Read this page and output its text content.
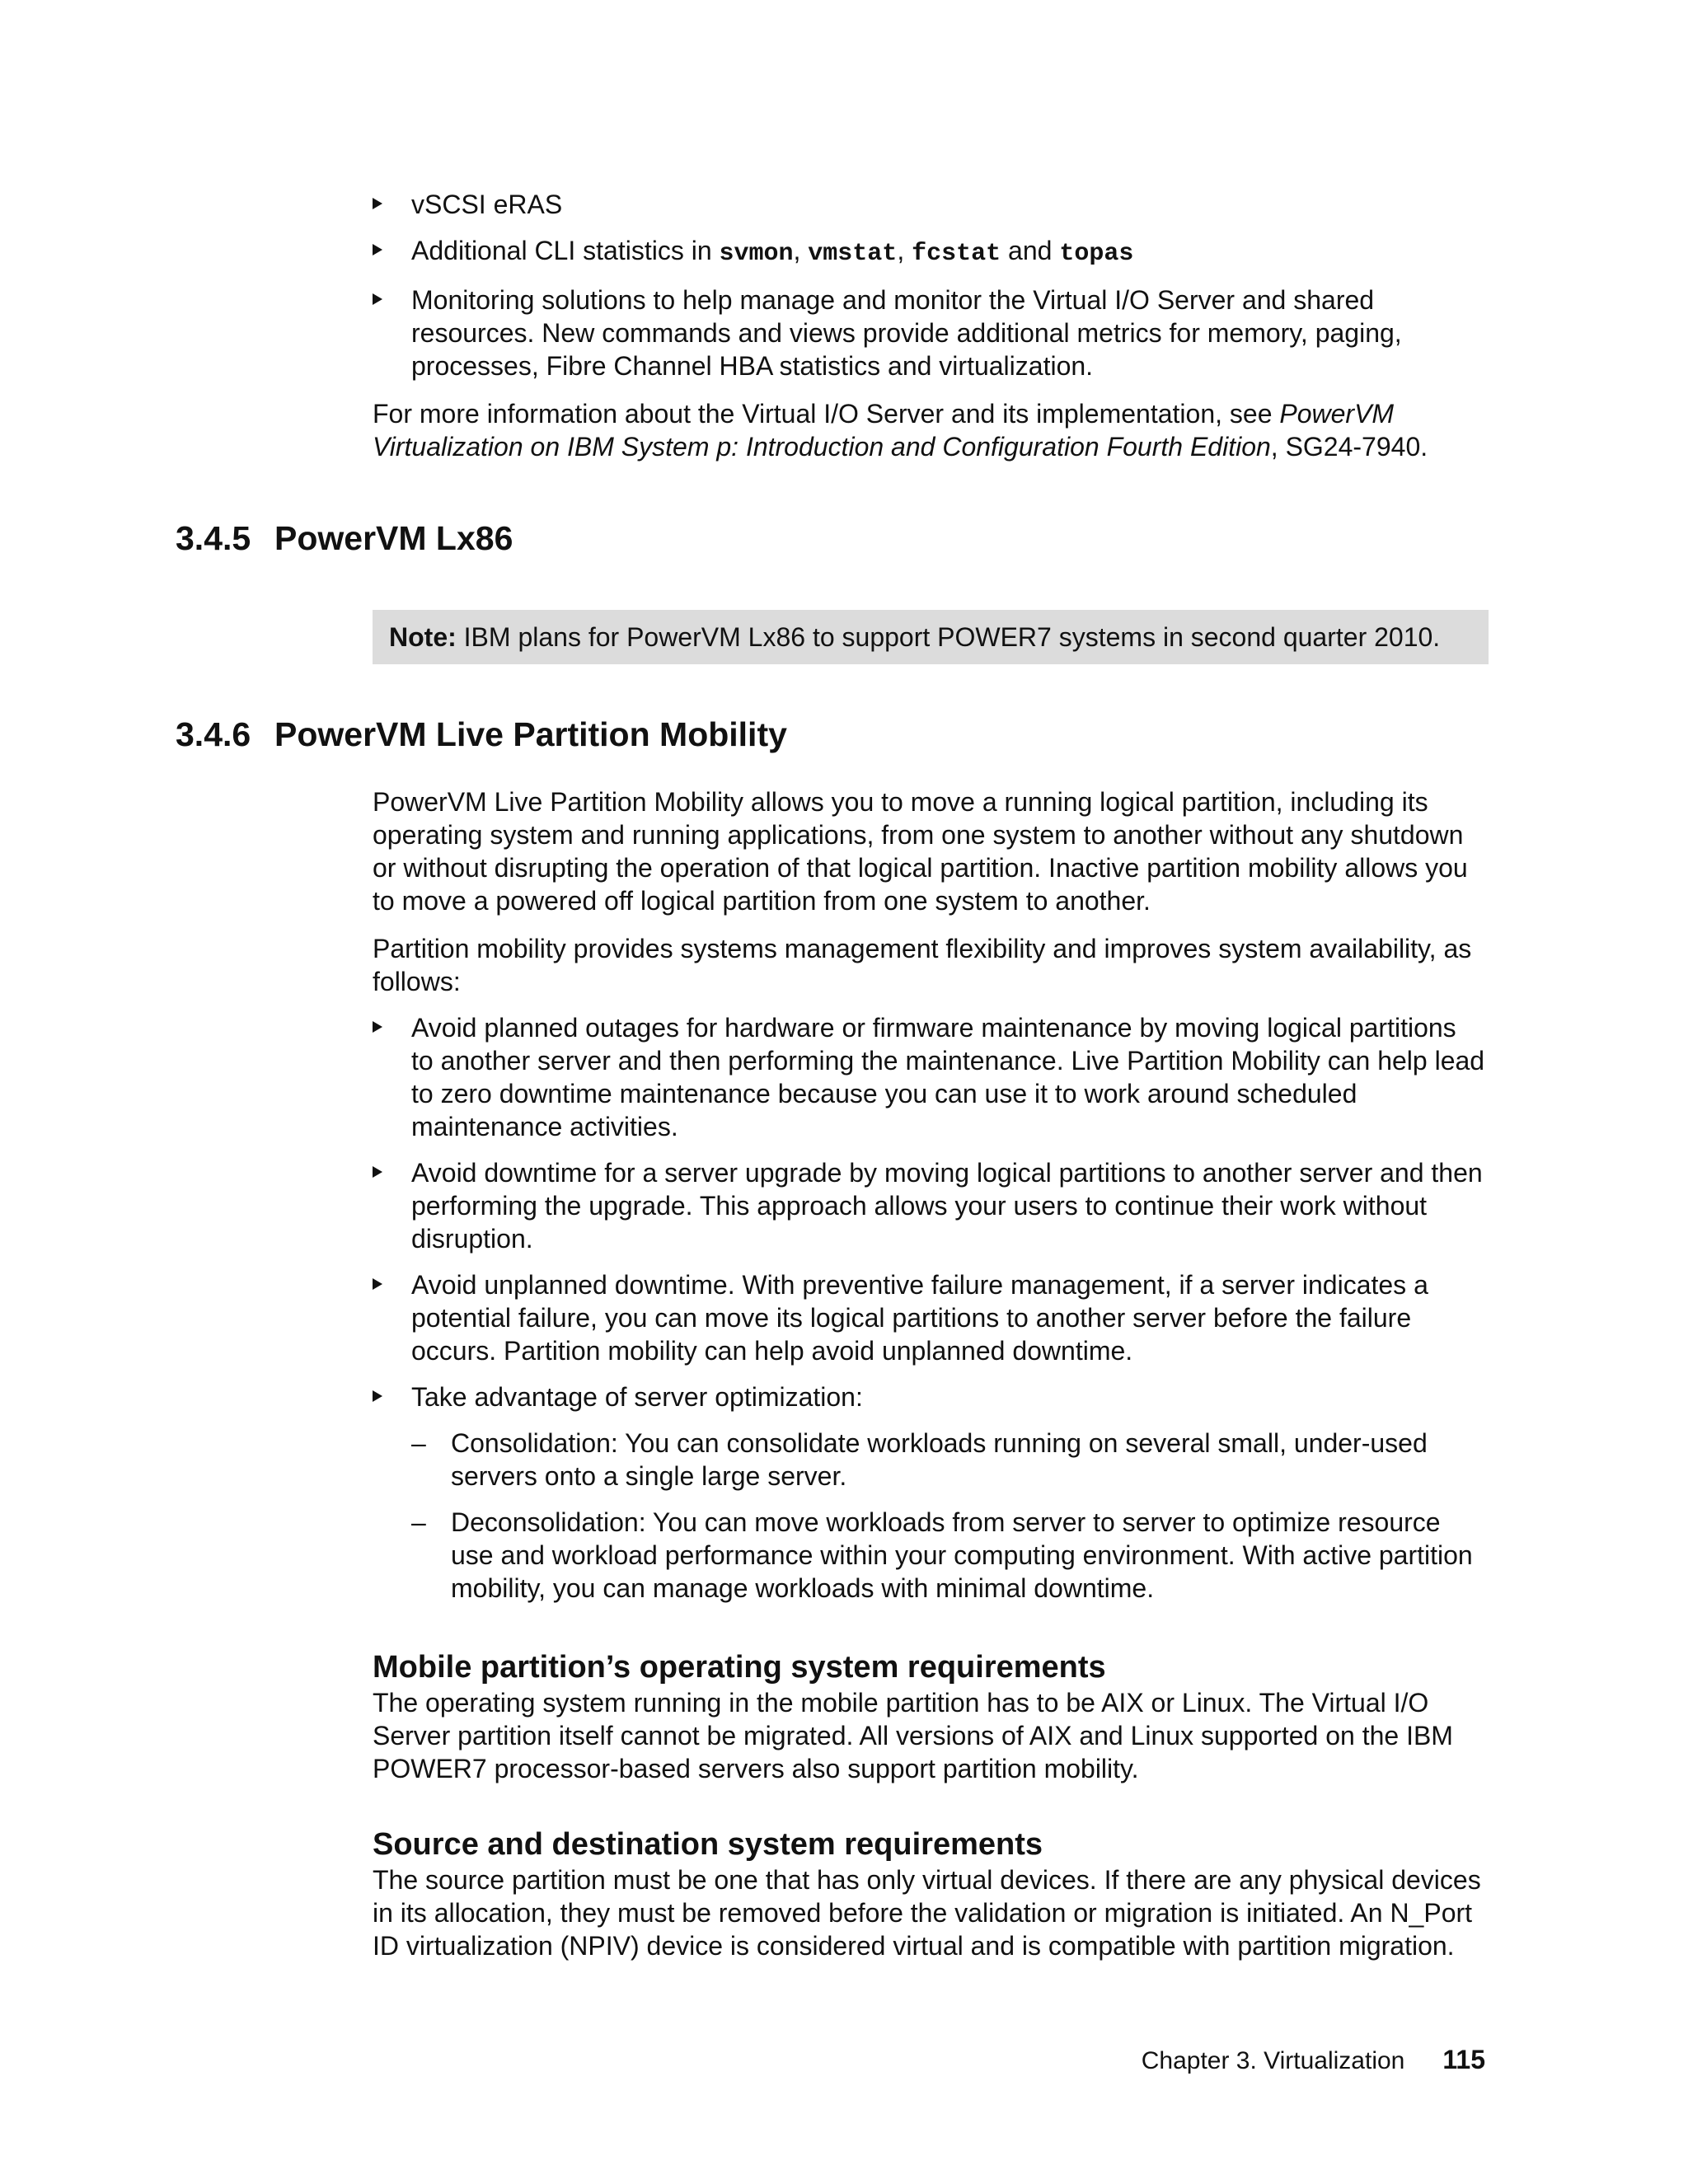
vSCSI eRAS
Additional CLI statistics in svmon, vmstat, fcstat and topas
Monitoring solutions to help manage and monitor the Virtual I/O Server and shared resources. New commands and views provide additional metrics for memory, paging, processes, Fibre Channel HBA statistics and virtualization.

For more information about the Virtual I/O Server and its implementation, see PowerVM Virtualization on IBM System p: Introduction and Configuration Fourth Edition, SG24-7940.

3.4.5 PowerVM Lx86
Note: IBM plans for PowerVM Lx86 to support POWER7 systems in second quarter 2010.
3.4.6 PowerVM Live Partition Mobility

PowerVM Live Partition Mobility allows you to move a running logical partition, including its operating system and running applications, from one system to another without any shutdown or without disrupting the operation of that logical partition. Inactive partition mobility allows you to move a powered off logical partition from one system to another.

Partition mobility provides systems management flexibility and improves system availability, as follows:

Avoid planned outages for hardware or firmware maintenance by moving logical partitions to another server and then performing the maintenance. Live Partition Mobility can help lead to zero downtime maintenance because you can use it to work around scheduled maintenance activities.
Avoid downtime for a server upgrade by moving logical partitions to another server and then performing the upgrade. This approach allows your users to continue their work without disruption.
Avoid unplanned downtime. With preventive failure management, if a server indicates a potential failure, you can move its logical partitions to another server before the failure occurs. Partition mobility can help avoid unplanned downtime.
Take advantage of server optimization:
– Consolidation: You can consolidate workloads running on several small, under-used servers onto a single large server.
– Deconsolidation: You can move workloads from server to server to optimize resource use and workload performance within your computing environment. With active partition mobility, you can manage workloads with minimal downtime.
Mobile partition’s operating system requirements

The operating system running in the mobile partition has to be AIX or Linux. The Virtual I/O Server partition itself cannot be migrated. All versions of AIX and Linux supported on the IBM POWER7 processor-based servers also support partition mobility.

Source and destination system requirements

The source partition must be one that has only virtual devices. If there are any physical devices in its allocation, they must be removed before the validation or migration is initiated. An N_Port ID virtualization (NPIV) device is considered virtual and is compatible with partition migration.

Chapter 3. Virtualization 115
